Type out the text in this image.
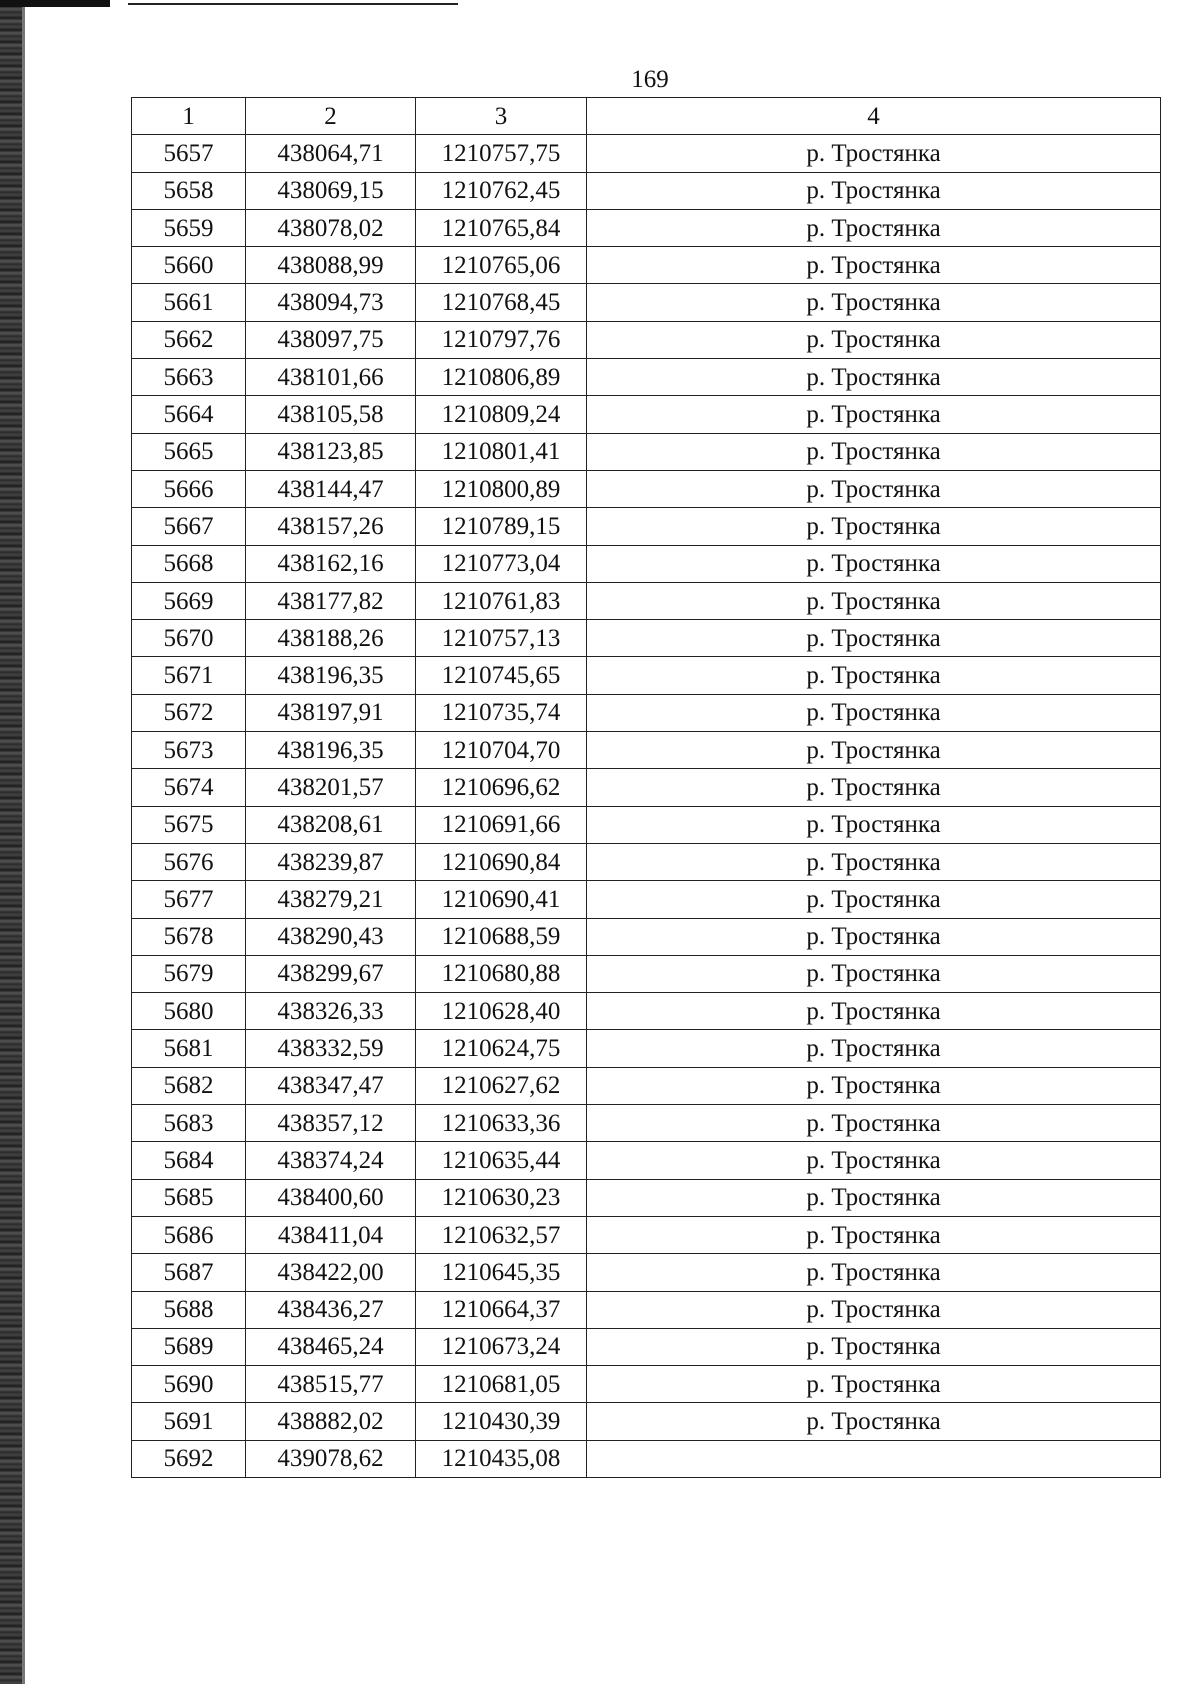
169
1	2	3	4
5657	438064,71	1210757,75	р. Тростянка
5658	438069,15	1210762,45	р. Тростянка
5659	438078,02	1210765,84	р. Тростянка
5660	438088,99	1210765,06	р. Тростянка
5661	438094,73	1210768,45	р. Тростянка
5662	438097,75	1210797,76	р. Тростянка
5663	438101,66	1210806,89	р. Тростянка
5664	438105,58	1210809,24	р. Тростянка
5665	438123,85	1210801,41	р. Тростянка
5666	438144,47	1210800,89	р. Тростянка
5667	438157,26	1210789,15	р. Тростянка
5668	438162,16	1210773,04	р. Тростянка
5669	438177,82	1210761,83	р. Тростянка
5670	438188,26	1210757,13	р. Тростянка
5671	438196,35	1210745,65	р. Тростянка
5672	438197,91	1210735,74	р. Тростянка
5673	438196,35	1210704,70	р. Тростянка
5674	438201,57	1210696,62	р. Тростянка
5675	438208,61	1210691,66	р. Тростянка
5676	438239,87	1210690,84	р. Тростянка
5677	438279,21	1210690,41	р. Тростянка
5678	438290,43	1210688,59	р. Тростянка
5679	438299,67	1210680,88	р. Тростянка
5680	438326,33	1210628,40	р. Тростянка
5681	438332,59	1210624,75	р. Тростянка
5682	438347,47	1210627,62	р. Тростянка
5683	438357,12	1210633,36	р. Тростянка
5684	438374,24	1210635,44	р. Тростянка
5685	438400,60	1210630,23	р. Тростянка
5686	438411,04	1210632,57	р. Тростянка
5687	438422,00	1210645,35	р. Тростянка
5688	438436,27	1210664,37	р. Тростянка
5689	438465,24	1210673,24	р. Тростянка
5690	438515,77	1210681,05	р. Тростянка
5691	438882,02	1210430,39	р. Тростянка
5692	439078,62	1210435,08	
